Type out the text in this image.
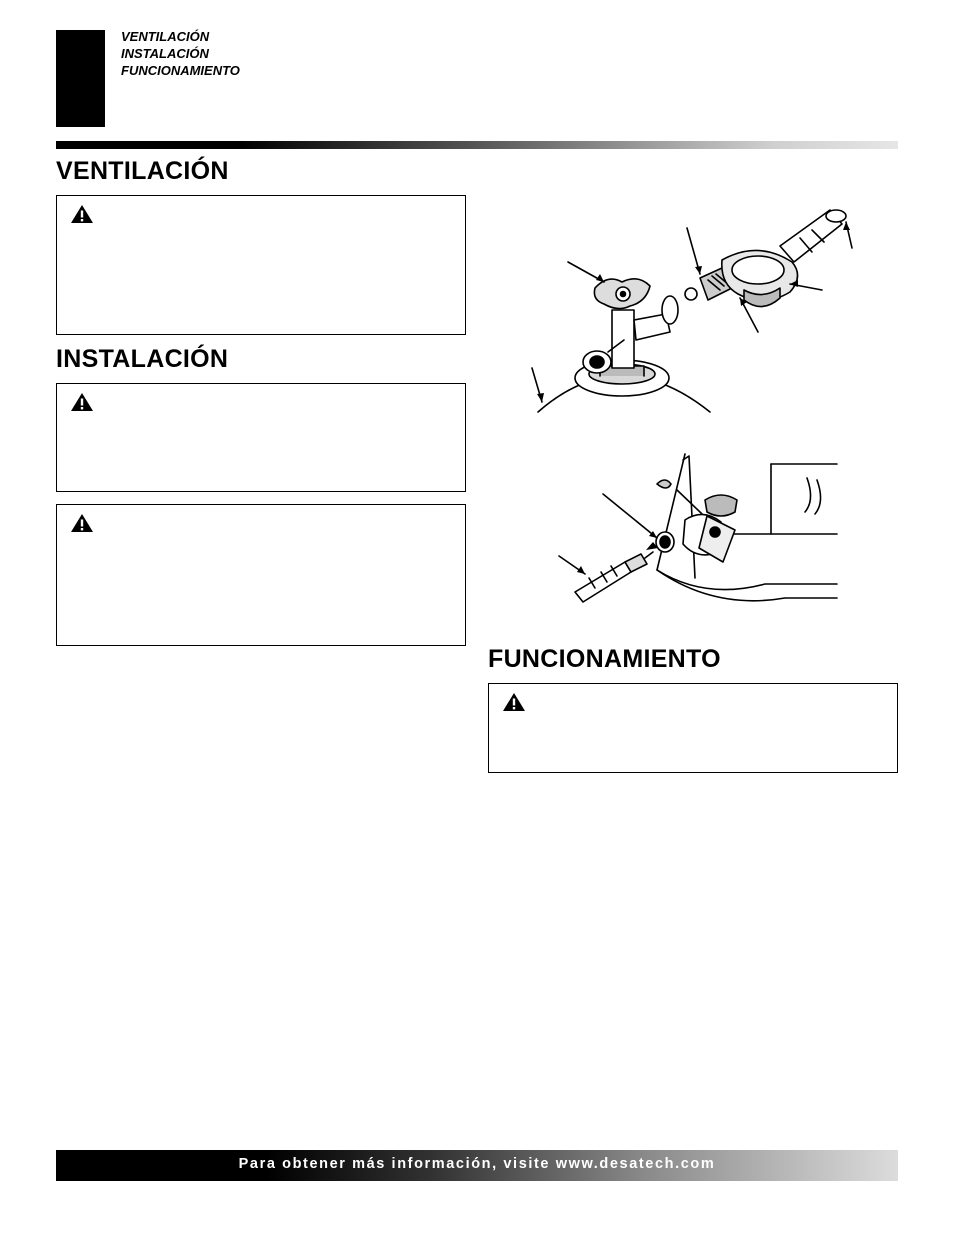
VENTILACIÓN
INSTALACIÓN
FUNCIONAMIENTO
VENTILACIÓN
INSTALACIÓN
FUNCIONAMIENTO
Para obtener más información, visite www.desatech.com
